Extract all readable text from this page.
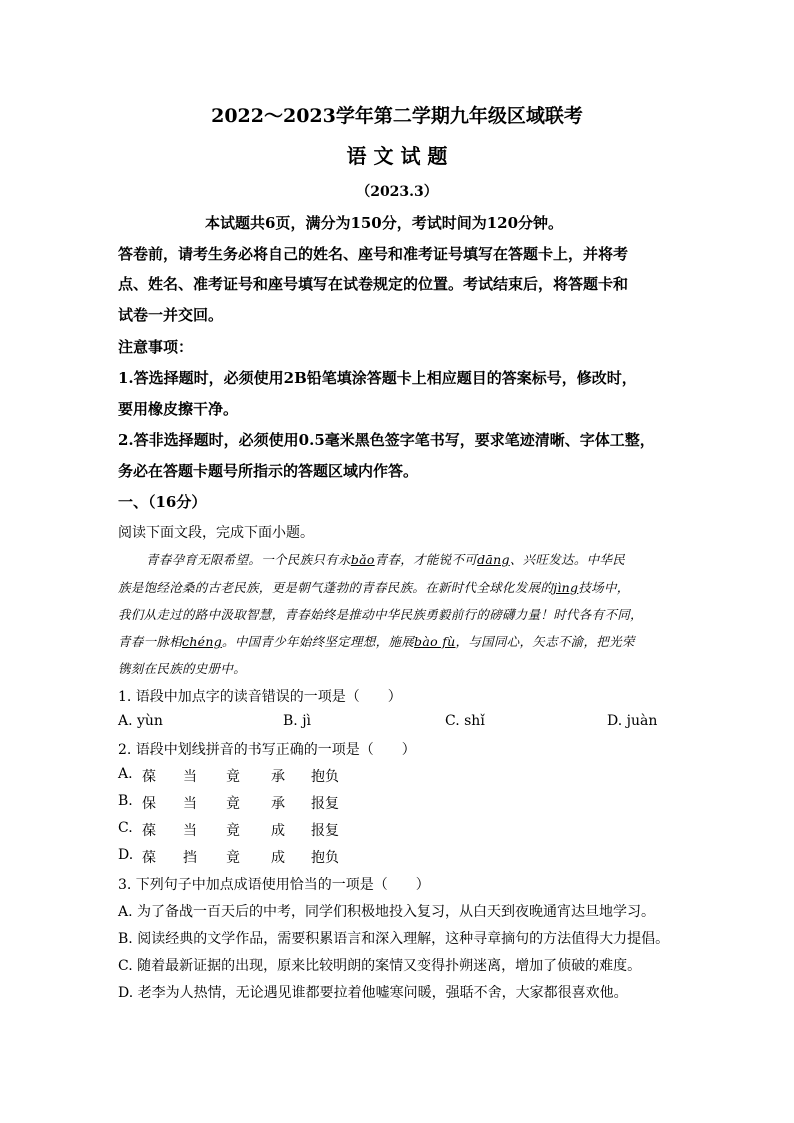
2022～2023学年第二学期九年级区域联考
语 文 试 题
（2023.3）
本试题共6页，满分为150分，考试时间为120分钟。
答卷前，请考生务必将自己的姓名、座号和准考证号填写在答题卡上，并将考
点、姓名、准考证号和座号填写在试卷规定的位置。考试结束后，将答题卡和
试卷一并交回。
注意事项：
1.答选择题时，必须使用2B铅笔填涂答题卡上相应题目的答案标号，修改时，
要用橡皮擦干净。
2.答非选择题时，必须使用0.5毫米黑色签字笔书写，要求笔迹清晰、字体工整，
务必在答题卡题号所指示的答题区域内作答。
一、（16分）
阅读下面文段，完成下面小题。
青春孕育无限希望。一个民族只有永bǎo青春，才能锐不可dāng、兴旺发达。中华民
族是饱经沧桑的古老民族，更是朝气蓬勃的青春民族。在新时代全球化发展的jìng技场中，
我们从走过的路中汲取智慧，青春始终是推动中华民族勇毅前行的磅礴力量！时代各有不同，
青春一脉相chéng。中国青少年始终坚定理想，施展bào fù，与国同心，矢志不渝，把光荣
镌刻在民族的史册中。
1. 语段中加点字的读音错误的一项是（　　）
A. yùn	B. jì	C. shǐ	D. juàn
2. 语段中划线拼音的书写正确的一项是（　　）
A. 葆	当	竟	承	抱负
B. 保	当	竟	承	报复
C. 葆	当	竟	成	报复
D. 葆	挡	竟	成	抱负
3. 下列句子中加点成语使用恰当的一项是（　　）
A. 为了备战一百天后的中考，同学们积极地投入复习，从白天到夜晚通宵达旦地学习。
B. 阅读经典的文学作品，需要积累语言和深入理解，这种寻章摘句的方法值得大力提倡。
C. 随着最新证据的出现，原来比较明朗的案情又变得扑朔迷离，增加了侦破的难度。
D. 老李为人热情，无论遇见谁都要拉着他嘘寒问暖，强聒不舍，大家都很喜欢他。
